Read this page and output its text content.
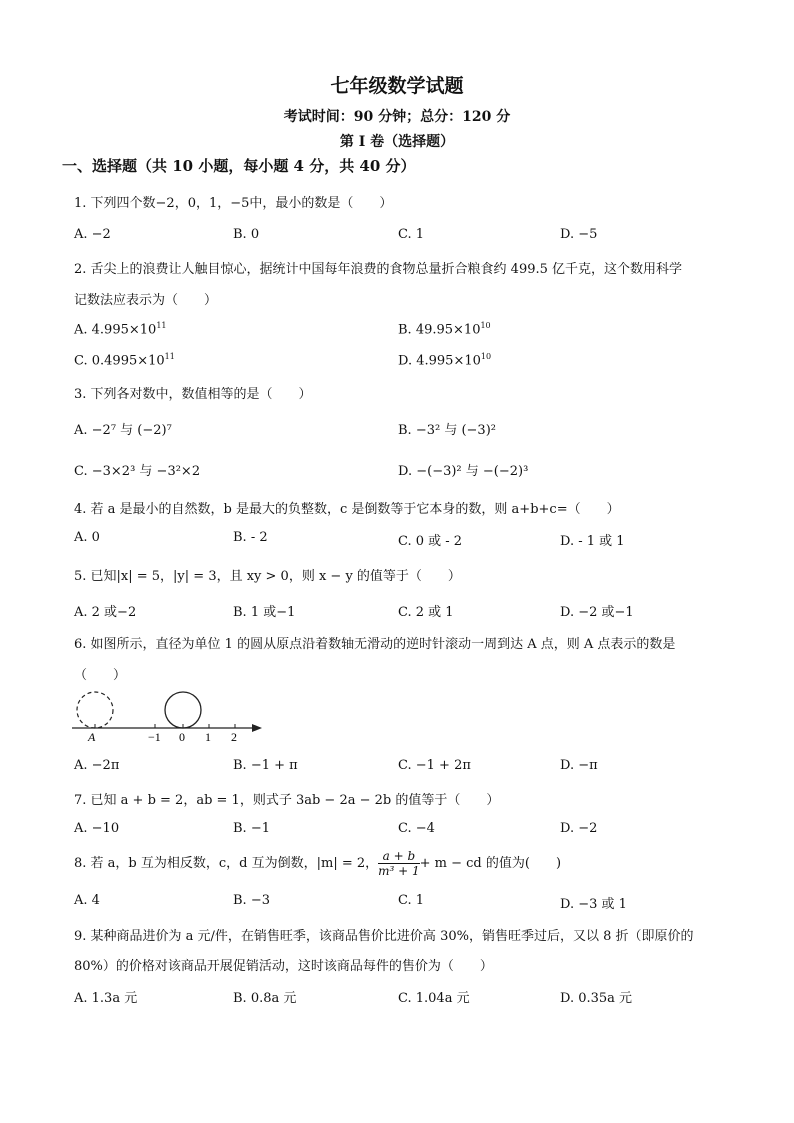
七年级数学试题
考试时间：90 分钟；总分：120 分
第 I 卷（选择题）
一、选择题（共 10 小题，每小题 4 分，共 40 分）
1. 下列四个数−2，0，1，−5中，最小的数是（　　）
A. −2	B. 0	C. 1	D. −5
2. 舌尖上的浪费让人触目惊心，据统计中国每年浪费的食物总量折合粮食约 499.5 亿千克，这个数用科学
记数法应表示为（　　）
A. $4.995\times 10^{11}$	B. $49.95\times 10^{10}$
C. $0.4995\times 10^{11}$	D. $4.995\times 10^{10}$
3. 下列各对数中，数值相等的是（　　）
A. −2⁷ 与 (−2)⁷	B. −3² 与 (−3)²
C. −3×2³ 与 −3²×2	D. −(−3)² 与 −(−2)³
4. 若 a 是最小的自然数，b 是最大的负整数，c 是倒数等于它本身的数，则 a+b+c=（　　）
A. 0	B. - 2	C. 0 或 - 2	D. - 1 或 1
5. 已知|x| = 5，|y| = 3，且 xy > 0，则 x − y 的值等于（　　）
A. 2 或−2	B. 1 或−1	C. 2 或 1	D. −2 或−1
6. 如图所示，直径为单位 1 的圆从原点沿着数轴无滑动的逆时针滚动一周到达 A 点，则 A 点表示的数是
（　　）
A	−1 0 1 2
A. −2π	B. −1 + π	C. −1 + 2π	D. −π
7. 已知 a + b = 2，ab = 1，则式子 3ab − 2a − 2b 的值等于（　　）
A. −10	B. −1	C. −4	D. −2
8. 若 a，b 互为相反数，c，d 互为倒数，|m| = 2， $\frac{a + b}{\text{m³ + 1}} + m$ − cd 的值为(　　)
A. 4	B. −3	C. 1	D. −3 或 1
9. 某种商品进价为 a 元/件，在销售旺季，该商品售价比进价高 30%，销售旺季过后，又以 8 折（即原价的
80%）的价格对该商品开展促销活动，这时该商品每件的售价为（　　）
A. 1.3a 元	B. 0.8a 元	C. 1.04a 元	D. 0.35a 元
